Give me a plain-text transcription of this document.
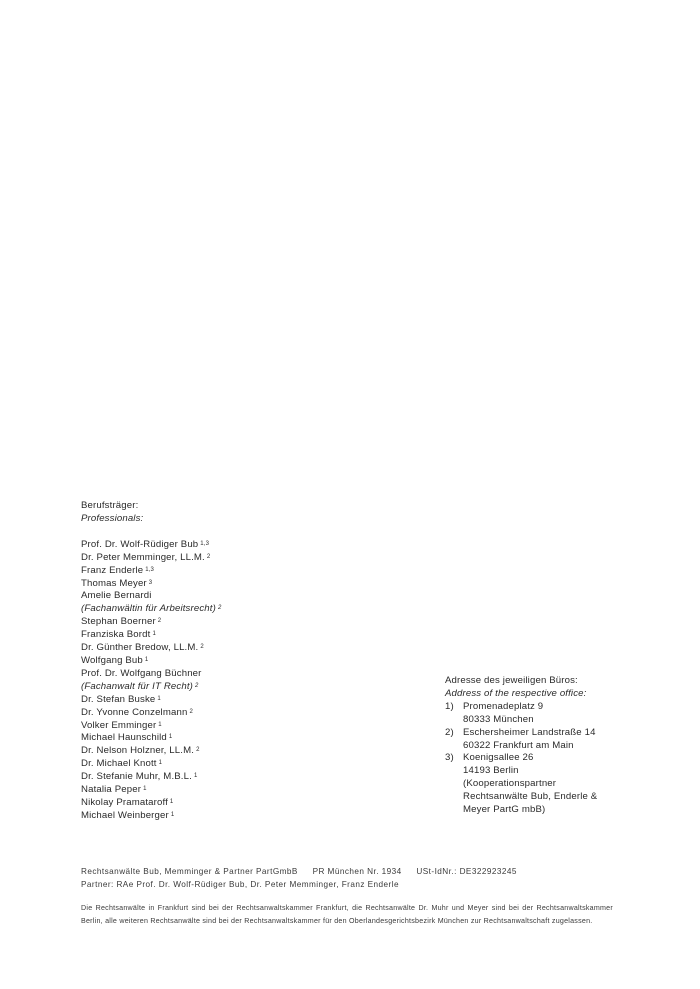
Berufsträger:

Professionals:

Prof. Dr. Wolf-Rüdiger Bub $^{1,3}$
Dr. Peter Memminger, LL.M. $^2$
Franz Enderle $^{1,3}$
Thomas Meyer $^3$
Amelie Bernardi
(Fachanwältin für Arbeitsrecht) $^2$
Stephan Boerner $^2$
Franziska Bordt $^1$
Dr. Günther Bredow, LL.M. $^2$
Wolfgang Bub $^1$
Prof. Dr. Wolfgang Büchner
(Fachanwalt für IT Recht) $^2$
Dr. Stefan Buske $^1$
Dr. Yvonne Conzelmann $^2$
Volker Emminger $^1$
Michael Haunschild $^1$
Dr. Nelson Holzner, LL.M. $^2$
Dr. Michael Knott $^1$
Dr. Stefanie Muhr, M.B.L. $^1$
Natalia Peper $^1$
Nikolay Pramataroff $^1$
Michael Weinberger $^1$

Adresse des jeweiligen Büros:

Address of the respective office:

1) Promenadeplatz 9
80333 München
2) Eschersheimer Landstraße 14
60322 Frankfurt am Main
3) Koenigsallee 26
14193 Berlin
(Kooperationspartner
Rechtsanwälte Bub, Enderle &
Meyer PartG mbB)

Rechtsanwälte Bub, Memminger & Partner PartGmbB PR München Nr. 1934 USt-IdNr.: DE322923245

Partner: RAe Prof. Dr. Wolf-Rüdiger Bub, Dr. Peter Memminger, Franz Enderle

Die Rechtsanwälte in Frankfurt sind bei der Rechtsanwaltskammer Frankfurt, die Rechtsanwälte Dr. Muhr und Meyer sind bei der Rechtsanwaltskammer Berlin, alle weiteren Rechtsanwälte sind bei der Rechtsanwaltskammer für den Oberlandesgerichtsbezirk München zur Rechtsanwaltschaft zugelassen.
